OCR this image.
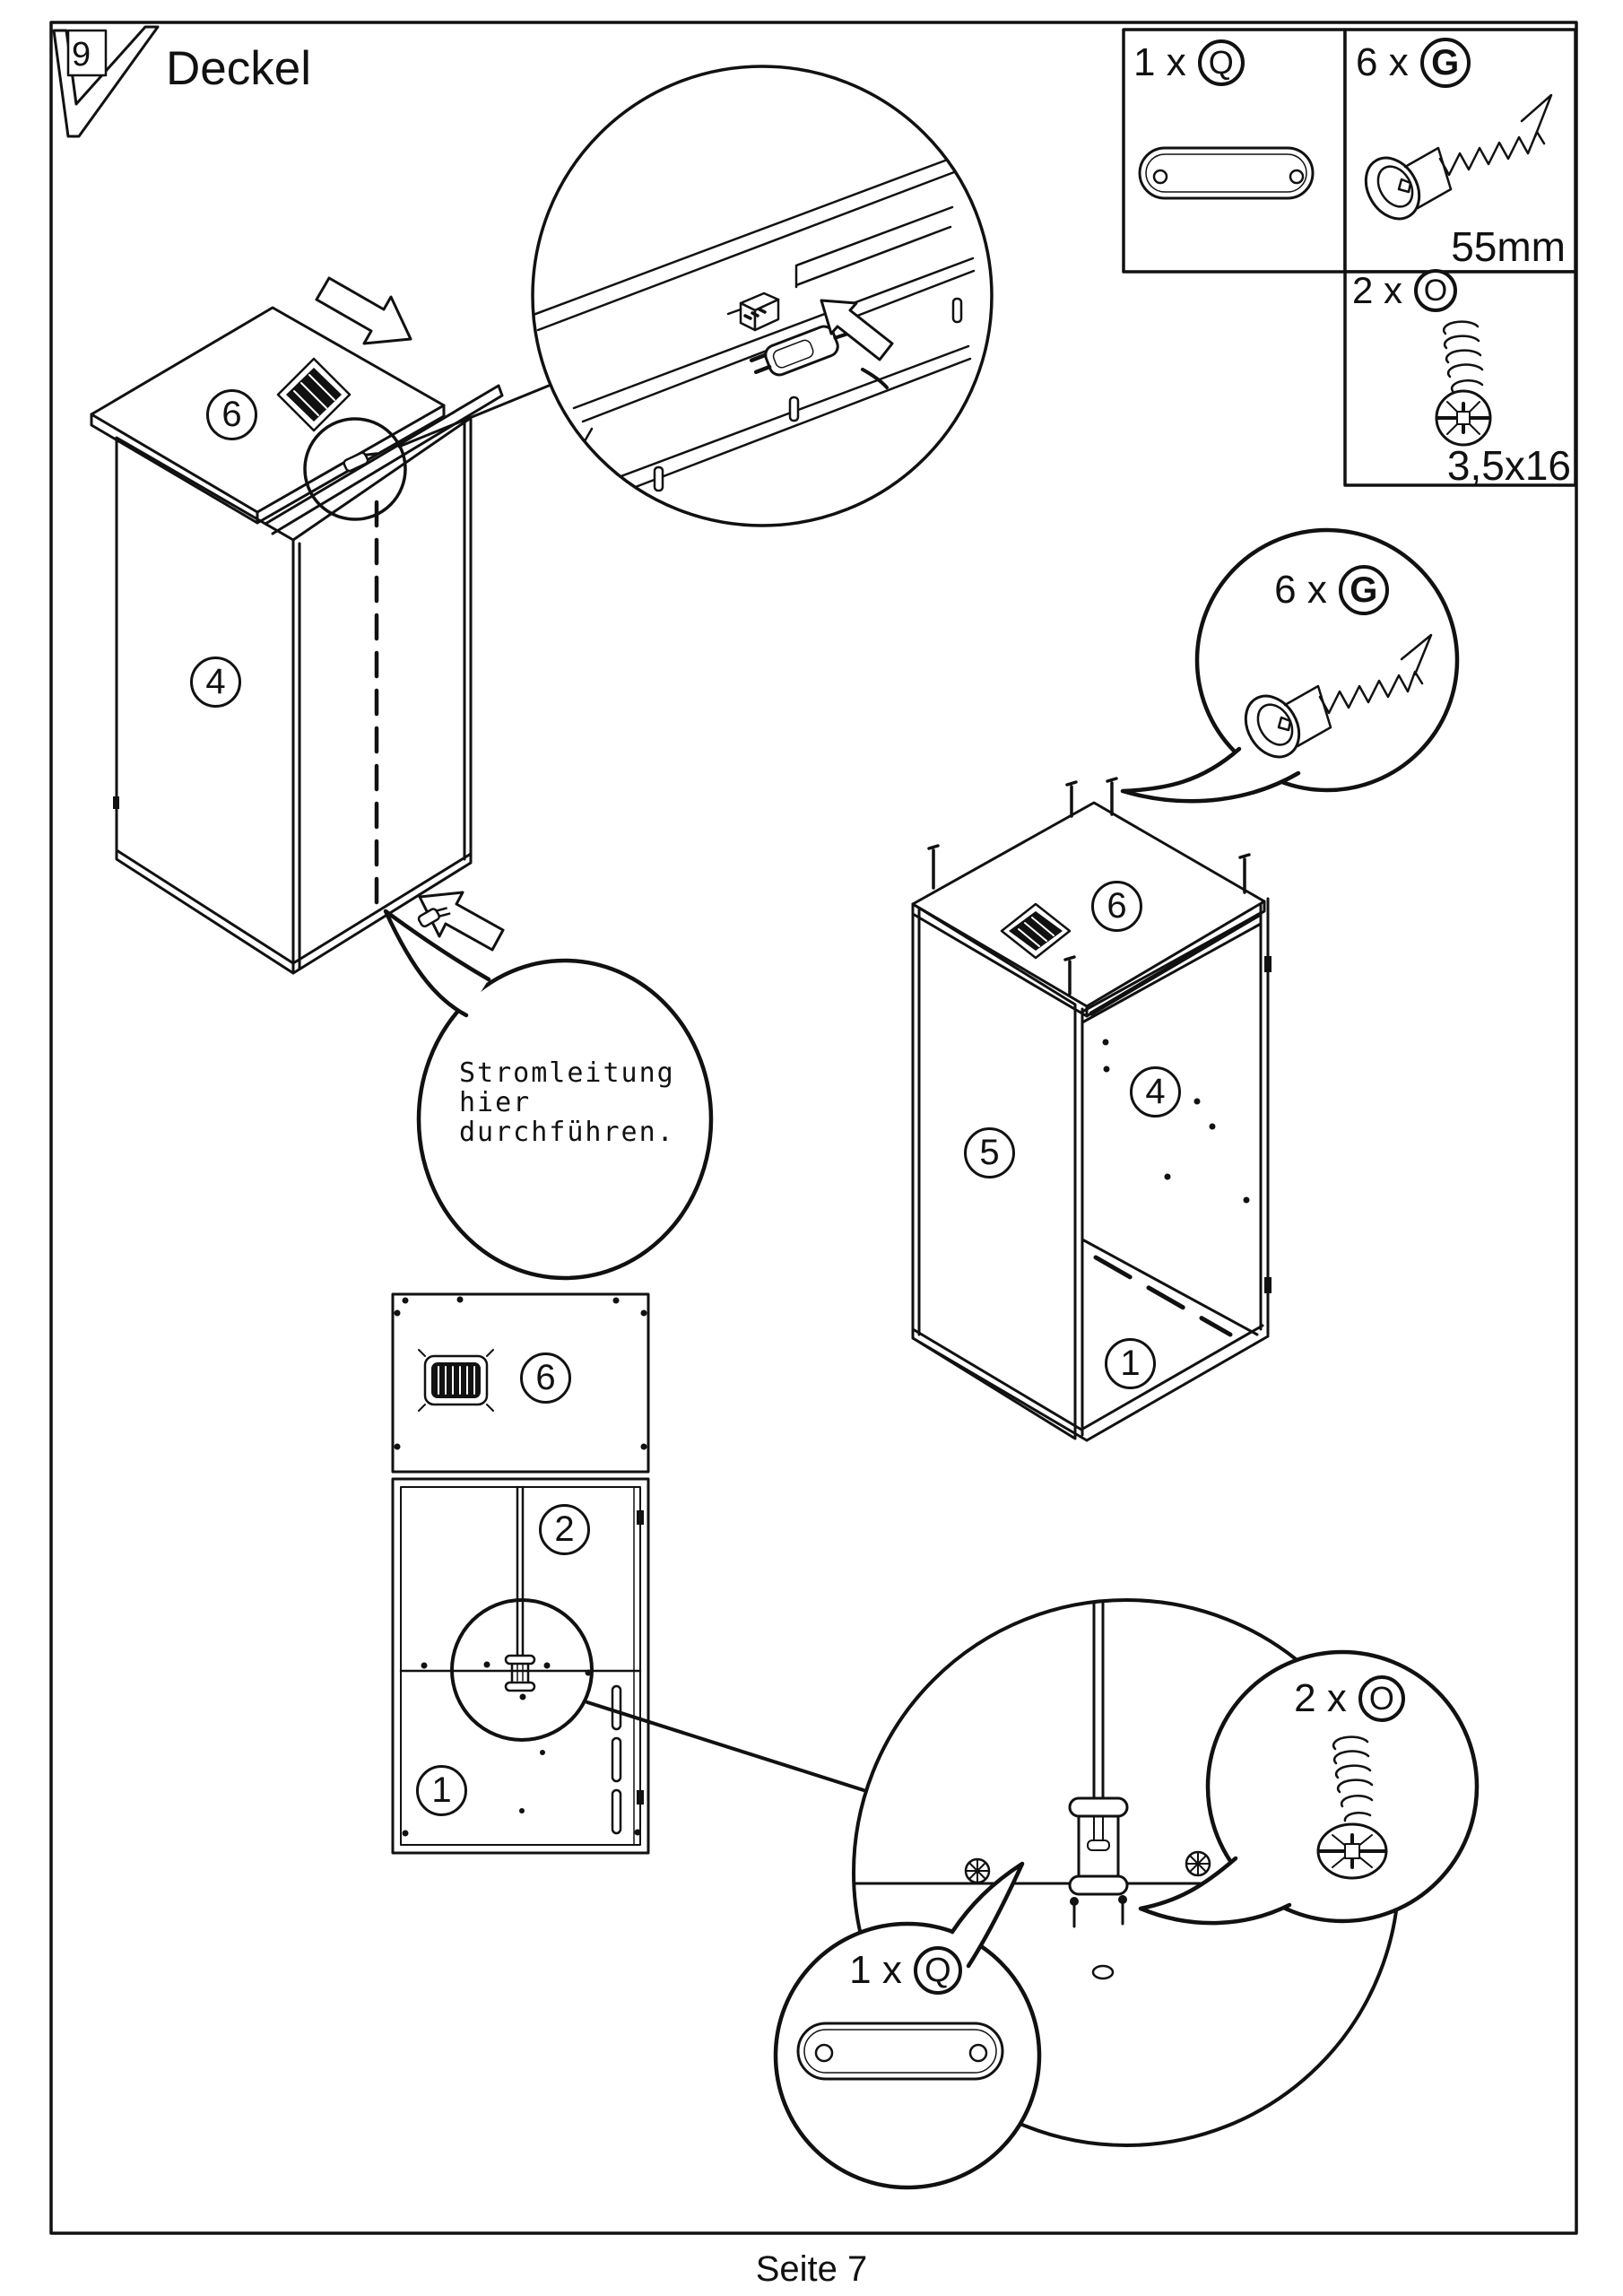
9 Deckel	1 x Q	6 x G
55mm
2 x O
3,5x16
6 x G
2 x O
1 x Q
Stromleitung
hier
durchführen.
6
4
6
4
5
1
6
2
1
Seite 7
